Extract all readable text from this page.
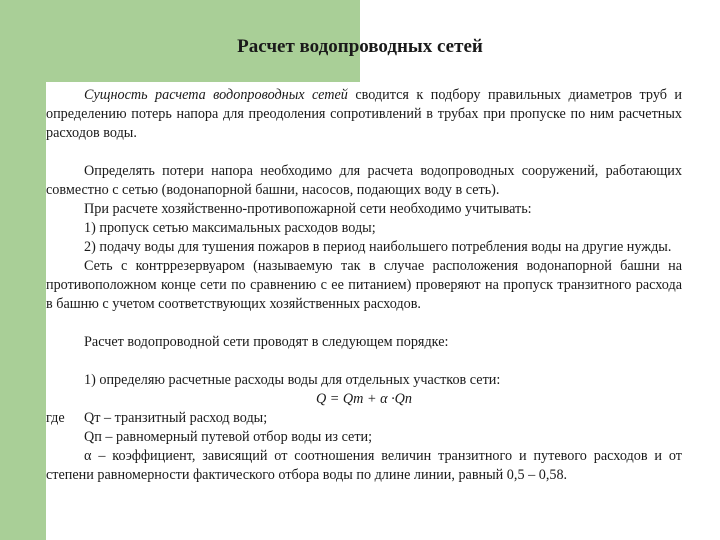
Расчет водопроводных сетей

Сущность расчета водопроводных сетей сводится к подбору правильных диаметров труб и определению потерь напора для преодоления сопротивлений в трубах при пропуске по ним расчетных расходов воды.

Определять потери напора необходимо для расчета водопроводных сооружений, работающих совместно с сетью (водонапорной башни, насосов, подающих воду в сеть).

При расчете хозяйственно-противопожарной сети необходимо учитывать:

1) пропуск сетью максимальных расходов воды;

2) подачу воды для тушения пожаров в период наибольшего потребления воды на другие нужды.

Сеть с контррезервуаром (называемую так в случае расположения водонапорной башни на противоположном конце сети по сравнению с ее питанием) проверяют на пропуск транзитного расхода в башню с учетом соответствующих хозяйственных расходов.

Расчет водопроводной сети проводят в следующем порядке:

1) определяю расчетные расходы воды для отдельных участков сети:

Q = Qт + α ·Qп

где Qт – транзитный расход воды;

Qп – равномерный путевой отбор воды из сети;

α – коэффициент, зависящий от соотношения величин транзитного и путевого расходов и от степени равномерности фактического отбора воды по длине линии, равный 0,5 – 0,58.
